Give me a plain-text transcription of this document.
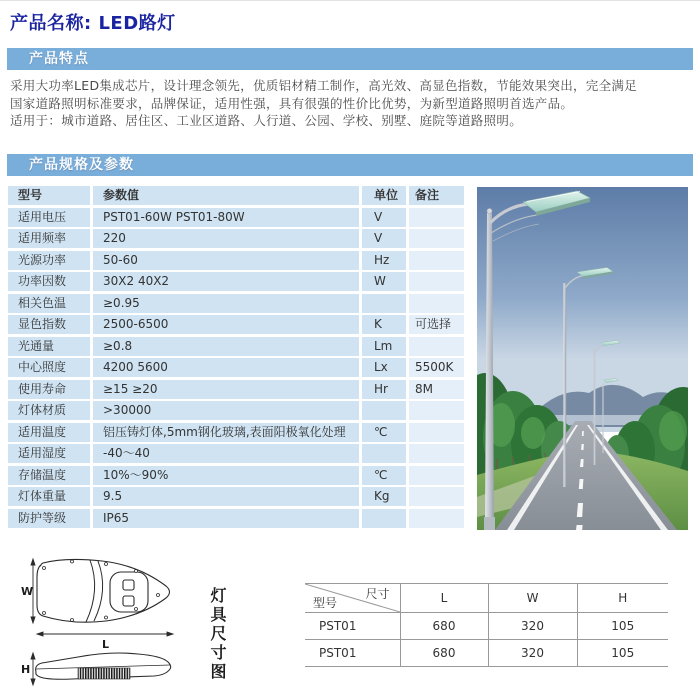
产品名称: LED路灯
产品特点
采用大功率LED集成芯片，设计理念领先，优质铝材精工制作，高光效、高显色指数，节能效果突出，完全满足
国家道路照明标准要求，品牌保证，适用性强，具有很强的性价比优势，为新型道路照明首选产品。
适用于：城市道路、居住区、工业区道路、人行道、公园、学校、别墅、庭院等道路照明。
产品规格及参数
型号	参数值	单位	备注
适用电压	PST01-60W PST01-80W	V
适用频率	220	V
光源功率	50-60	Hz
功率因数	30X2 40X2	W
相关色温	≥0.95
显色指数	2500-6500	K	可选择
光通量	≥0.8	Lm
中心照度	4200 5600	Lx	5500K
使用寿命	≥15 ≥20	Hr	8M
灯体材质	>30000
适用温度	铝压铸灯体,5mm钢化玻璃,表面阳极氧化处理	℃
适用湿度	-40～40
存储温度	10%～90%	℃
灯体重量	9.5	Kg
防护等级	IP65
W
L
H	灯具尺寸图	尺寸
型号	L	W	H
PST01	680	320	105
PST01	680	320	105
